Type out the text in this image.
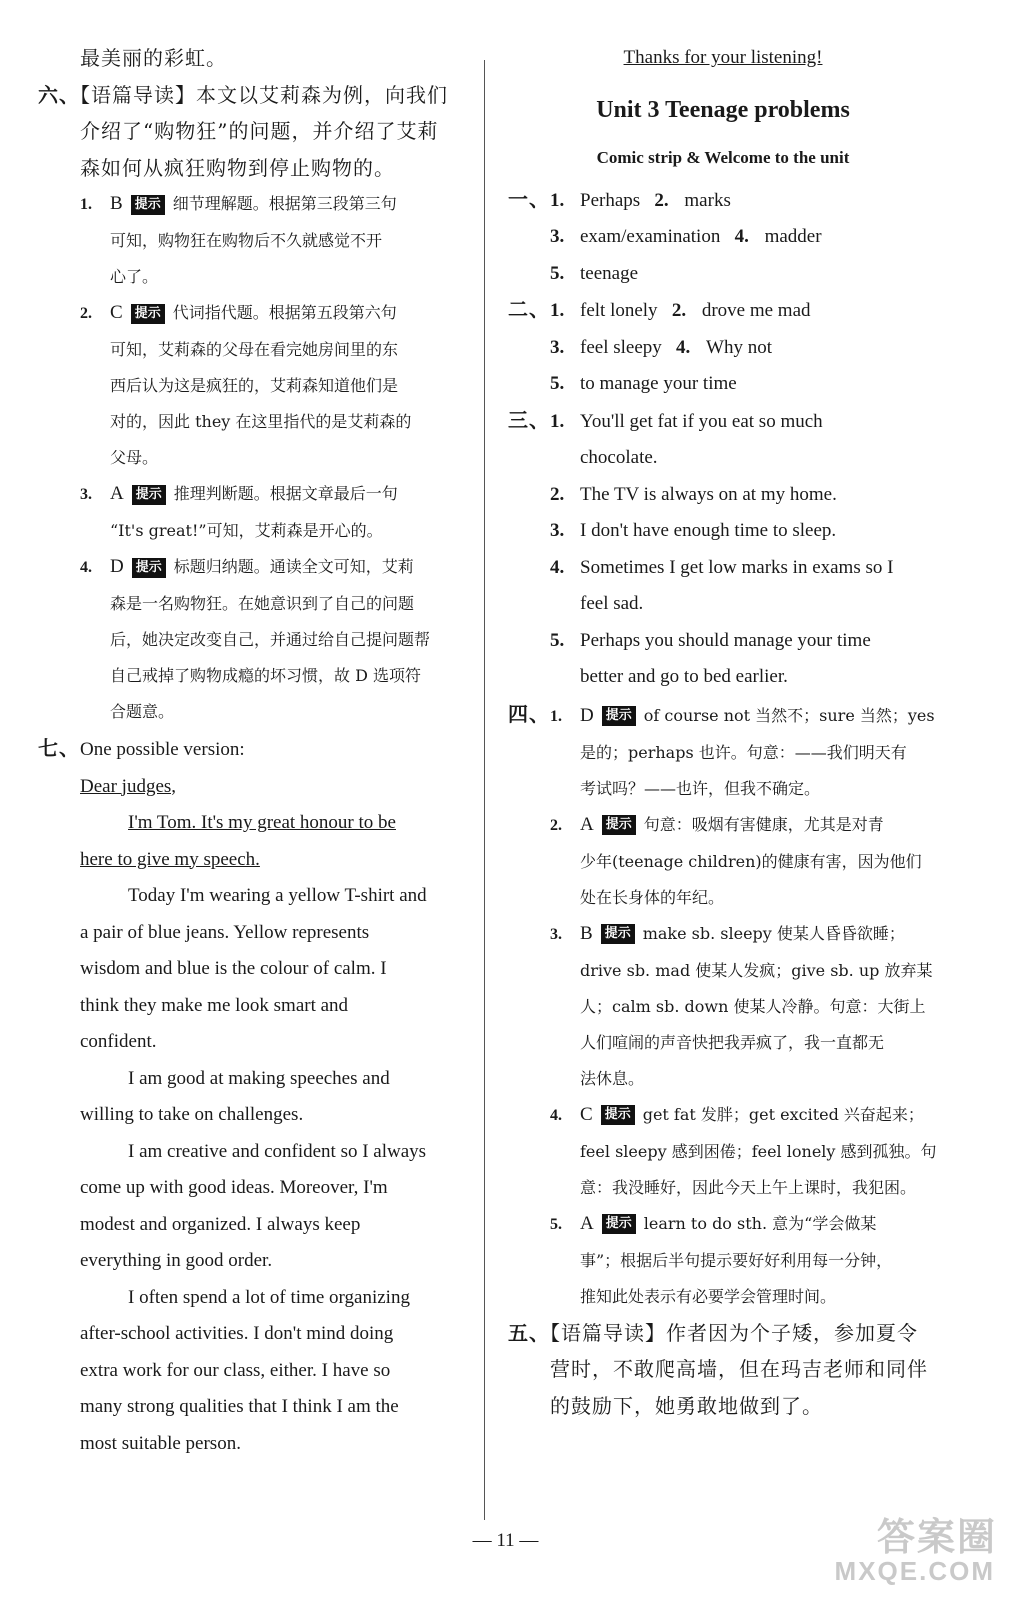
最美丽的彩虹。

六、【语篇导读】本文以艾莉森为例，向我们

介绍了“购物狂”的问题，并介绍了艾莉

森如何从疯狂购物到停止购物的。

1. B 提示 细节理解题。根据第三段第三句

可知，购物狂在购物后不久就感觉不开

心了。

2. C 提示 代词指代题。根据第五段第六句

可知，艾莉森的父母在看完她房间里的东

西后认为这是疯狂的，艾莉森知道他们是

对的，因此 they 在这里指代的是艾莉森的

父母。

3. A 提示 推理判断题。根据文章最后一句

“It's great!”可知，艾莉森是开心的。

4. D 提示 标题归纳题。通读全文可知，艾莉

森是一名购物狂。在她意识到了自己的问题

后，她决定改变自己，并通过给自己提问题帮

自己戒掉了购物成瘾的坏习惯，故 D 选项符

合题意。

七、One possible version:

Dear judges,

I'm Tom. It's my great honour to be

here to give my speech.

Today I'm wearing a yellow T-shirt and

a pair of blue jeans. Yellow represents

wisdom and blue is the colour of calm. I

think they make me look smart and

confident.

I am good at making speeches and

willing to take on challenges.

I am creative and confident so I always

come up with good ideas. Moreover, I'm

modest and organized. I always keep

everything in good order.

I often spend a lot of time organizing

after-school activities. I don't mind doing

extra work for our class, either. I have so

many strong qualities that I think I am the

most suitable person.

Thanks for your listening!

Unit 3 Teenage problems
Comic strip & Welcome to the unit

一、1. Perhaps 2. marks

3. exam/examination 4. madder

5. teenage

二、1. felt lonely 2. drove me mad

3. feel sleepy 4. Why not

5. to manage your time

三、1. You'll get fat if you eat so much

chocolate.

2. The TV is always on at my home.

3. I don't have enough time to sleep.

4. Sometimes I get low marks in exams so I

feel sad.

5. Perhaps you should manage your time

better and go to bed earlier.

四、1. D 提示 of course not 当然不；sure 当然；yes

是的；perhaps 也许。句意：——我们明天有

考试吗？——也许，但我不确定。

2. A 提示 句意：吸烟有害健康，尤其是对青

少年(teenage children)的健康有害，因为他们

处在长身体的年纪。

3. B 提示 make sb. sleepy 使某人昏昏欲睡；

drive sb. mad 使某人发疯；give sb. up 放弃某

人；calm sb. down 使某人冷静。句意：大街上

人们喧闹的声音快把我弄疯了，我一直都无

法休息。

4. C 提示 get fat 发胖；get excited 兴奋起来；

feel sleepy 感到困倦；feel lonely 感到孤独。句

意：我没睡好，因此今天上午上课时，我犯困。

5. A 提示 learn to do sth. 意为“学会做某

事”；根据后半句提示要好好利用每一分钟，

推知此处表示有必要学会管理时间。

五、【语篇导读】作者因为个子矮，参加夏令

营时，不敢爬高墙，但在玛吉老师和同伴

的鼓励下，她勇敢地做到了。

— 11 —	答案圈
MXQE.COM
